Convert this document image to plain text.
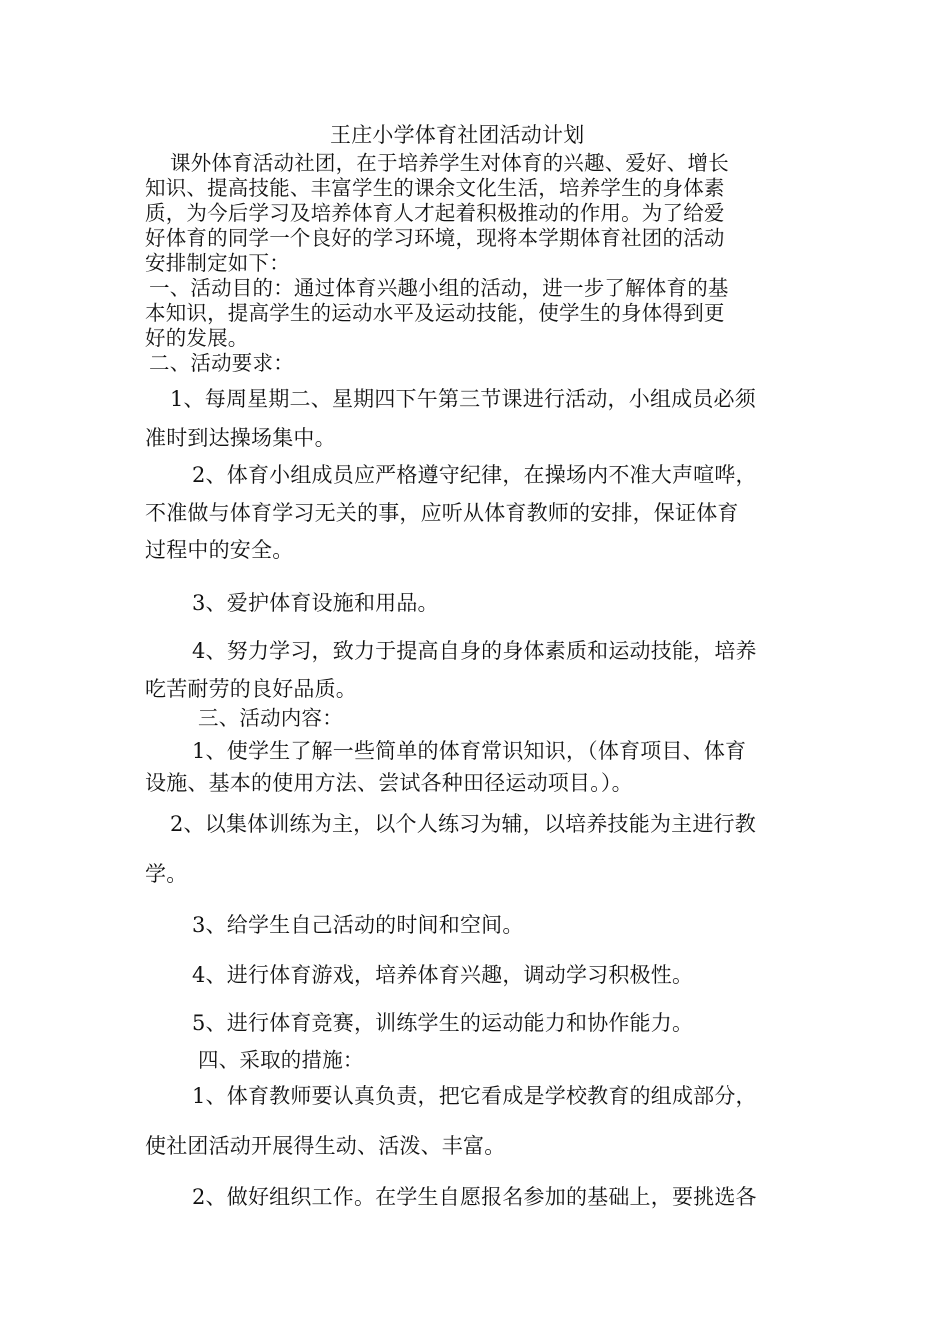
王庄小学体育社团活动计划
课外体育活动社团，在于培养学生对体育的兴趣、爱好、增长
知识、提高技能、丰富学生的课余文化生活，培养学生的身体素
质，为今后学习及培养体育人才起着积极推动的作用。为了给爱
好体育的同学一个良好的学习环境，现将本学期体育社团的活动
安排制定如下：
一、活动目的：通过体育兴趣小组的活动，进一步了解体育的基
本知识，提高学生的运动水平及运动技能，使学生的身体得到更
好的发展。
二、活动要求：
1、每周星期二、星期四下午第三节课进行活动，小组成员必须
准时到达操场集中。
2、体育小组成员应严格遵守纪律，在操场内不准大声喧哗，
不准做与体育学习无关的事，应听从体育教师的安排，保证体育
过程中的安全。
3、爱护体育设施和用品。
4、努力学习，致力于提高自身的身体素质和运动技能，培养
吃苦耐劳的良好品质。
三、活动内容：
1、使学生了解一些简单的体育常识知识，（体育项目、体育
设施、基本的使用方法、尝试各种田径运动项目。）。
2、以集体训练为主，以个人练习为辅，以培养技能为主进行教
学。
3、给学生自己活动的时间和空间。
4、进行体育游戏，培养体育兴趣，调动学习积极性。
5、进行体育竞赛，训练学生的运动能力和协作能力。
四、采取的措施：
1、体育教师要认真负责，把它看成是学校教育的组成部分，
使社团活动开展得生动、活泼、丰富。
2、做好组织工作。在学生自愿报名参加的基础上，要挑选各
